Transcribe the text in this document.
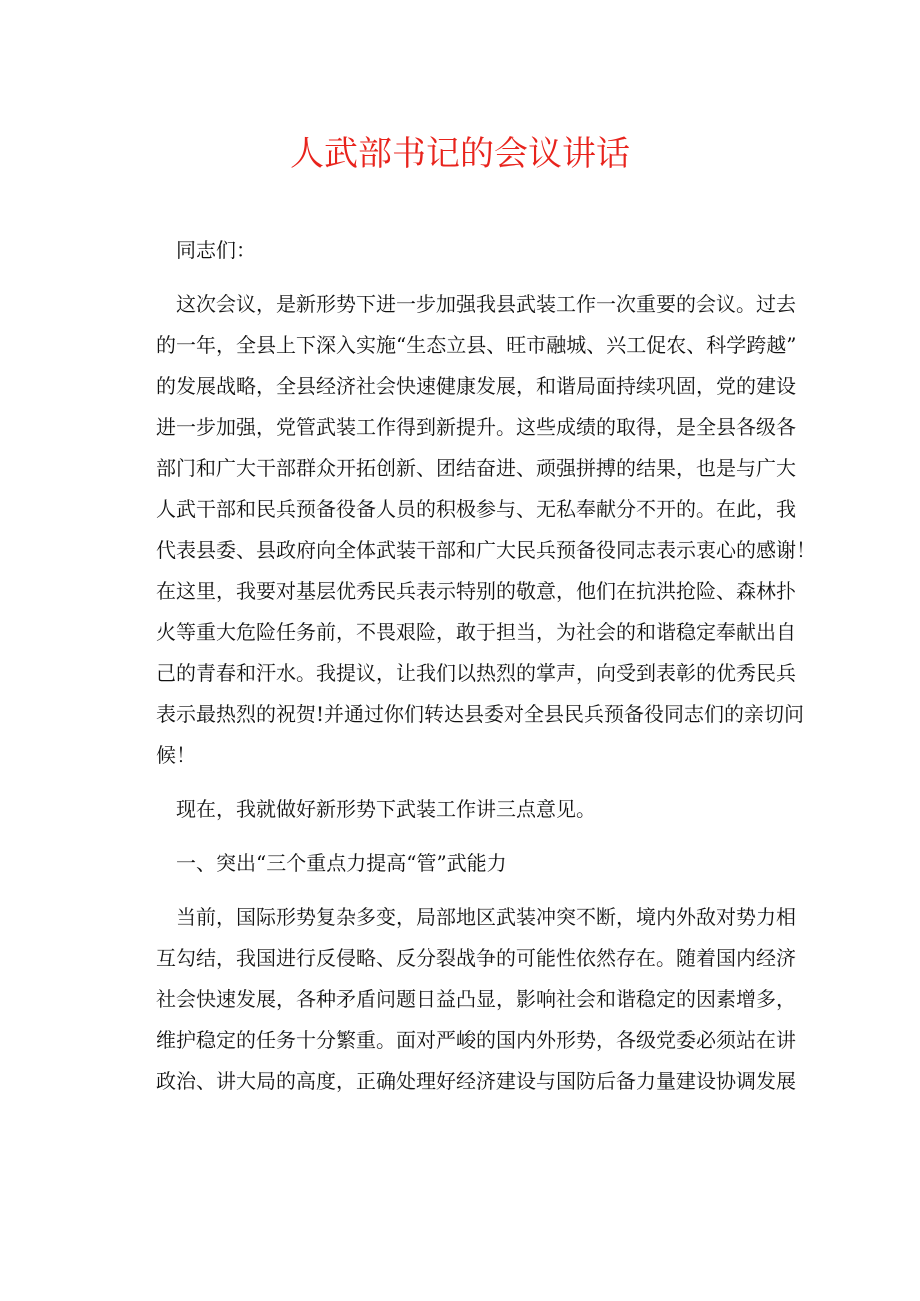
人武部书记的会议讲话
同志们：
这次会议，是新形势下进一步加强我县武装工作一次重要的会议。过去
的一年，全县上下深入实施“生态立县、旺市融城、兴工促农、科学跨越”
的发展战略，全县经济社会快速健康发展，和谐局面持续巩固，党的建设
进一步加强，党管武装工作得到新提升。这些成绩的取得，是全县各级各
部门和广大干部群众开拓创新、团结奋进、顽强拼搏的结果，也是与广大
人武干部和民兵预备役备人员的积极参与、无私奉献分不开的。在此，我
代表县委、县政府向全体武装干部和广大民兵预备役同志表示衷心的感谢！
在这里，我要对基层优秀民兵表示特别的敬意，他们在抗洪抢险、森林扑
火等重大危险任务前，不畏艰险，敢于担当，为社会的和谐稳定奉献出自
己的青春和汗水。我提议，让我们以热烈的掌声，向受到表彰的优秀民兵
表示最热烈的祝贺!并通过你们转达县委对全县民兵预备役同志们的亲切问
候！
现在，我就做好新形势下武装工作讲三点意见。
一、突出“三个重点力提高“管”武能力
当前，国际形势复杂多变，局部地区武装冲突不断，境内外敌对势力相
互勾结，我国进行反侵略、反分裂战争的可能性依然存在。随着国内经济
社会快速发展，各种矛盾问题日益凸显，影响社会和谐稳定的因素增多，
维护稳定的任务十分繁重。面对严峻的国内外形势，各级党委必须站在讲
政治、讲大局的高度，正确处理好经济建设与国防后备力量建设协调发展
